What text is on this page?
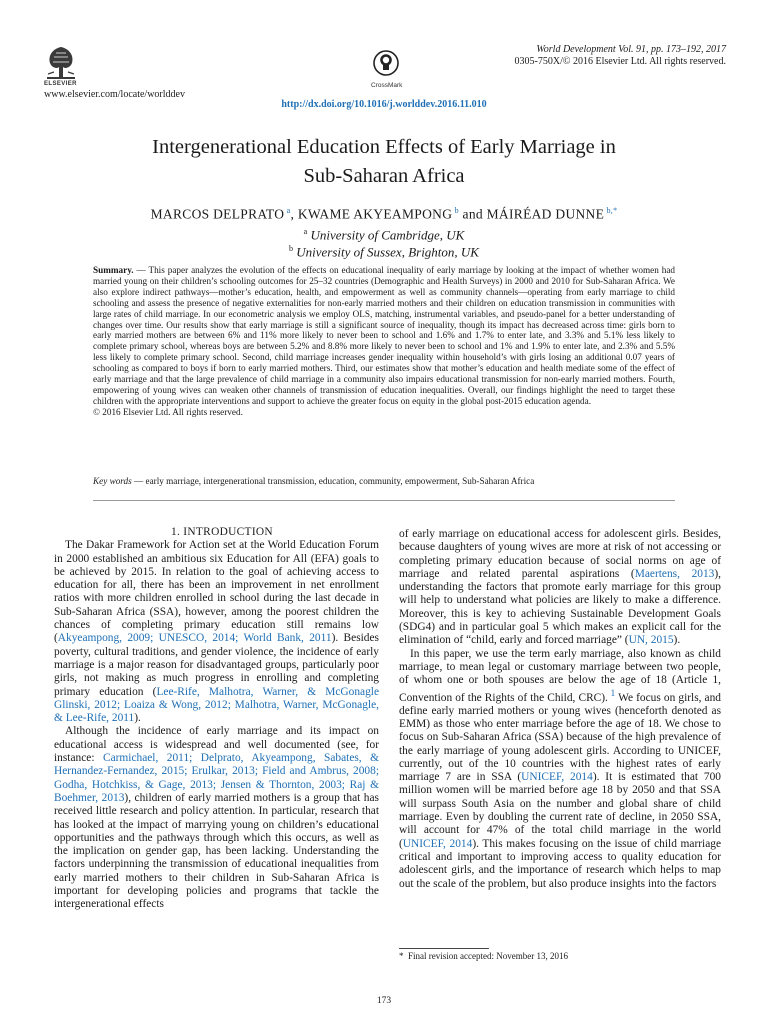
ELSEVIER
www.elsevier.com/locate/worlddev
CrossMark
World Development Vol. 91, pp. 173–192, 2017
0305-750X/© 2016 Elsevier Ltd. All rights reserved.
http://dx.doi.org/10.1016/j.worlddev.2016.11.010
Intergenerational Education Effects of Early Marriage in
Sub-Saharan Africa
MARCOS DELPRATO $^a$, KWAME AKYEAMPONG $^b$ and MÁIRÉAD DUNNE $^{b,*}$
$^a$ University of Cambridge, UK
$^b$ University of Sussex, Brighton, UK
Summary. — This paper analyzes the evolution of the effects on educational inequality of early marriage by looking at the impact of whether women had married young on their children’s schooling outcomes for 25–32 countries (Demographic and Health Surveys) in 2000 and 2010 for Sub-Saharan Africa. We also explore indirect pathways—mother’s education, health, and empowerment as well as community channels—operating from early marriage to child schooling and assess the presence of negative externalities for non-early married mothers and their children on education transmission in communities with large rates of child marriage. In our econometric analysis we employ OLS, matching, instrumental variables, and pseudo-panel for a better understanding of changes over time. Our results show that early marriage is still a significant source of inequality, though its impact has decreased across time: girls born to early married mothers are between 6% and 11% more likely to never been to school and 1.6% and 1.7% to enter late, and 3.3% and 5.1% less likely to complete primary school, whereas boys are between 5.2% and 8.8% more likely to never been to school and 1% and 1.9% to enter late, and 2.3% and 5.5% less likely to complete primary school. Second, child marriage increases gender inequality within household’s with girls losing an additional 0.07 years of schooling as compared to boys if born to early married mothers. Third, our estimates show that mother’s education and health mediate some of the effect of early marriage and that the large prevalence of child marriage in a community also impairs educational transmission for non-early married mothers. Fourth, empowering of young wives can weaken other channels of transmission of education inequalities. Overall, our findings highlight the need to target these children with the appropriate interventions and support to achieve the greater focus on equity in the global post-2015 education agenda.
© 2016 Elsevier Ltd. All rights reserved.
Key words — early marriage, intergenerational transmission, education, community, empowerment, Sub-Saharan Africa

1. INTRODUCTION

The Dakar Framework for Action set at the World Education Forum in 2000 established an ambitious six Education for All (EFA) goals to be achieved by 2015. In relation to the goal of achieving access to education for all, there has been an improvement in net enrollment ratios with more children enrolled in school during the last decade in Sub-Saharan Africa (SSA), however, among the poorest children the chances of completing primary education still remains low (Akyeampong, 2009; UNESCO, 2014; World Bank, 2011). Besides poverty, cultural traditions, and gender violence, the incidence of early marriage is a major reason for disadvantaged groups, particularly poor girls, not making as much progress in enrolling and completing primary education (Lee-Rife, Malhotra, Warner, & McGonagle Glinski, 2012; Loaiza & Wong, 2012; Malhotra, Warner, McGonagle, & Lee-Rife, 2011).

Although the incidence of early marriage and its impact on educational access is widespread and well documented (see, for instance: Carmichael, 2011; Delprato, Akyeampong, Sabates, & Hernandez-Fernandez, 2015; Erulkar, 2013; Field and Ambrus, 2008; Godha, Hotchkiss, & Gage, 2013; Jensen & Thornton, 2003; Raj & Boehmer, 2013), children of early married mothers is a group that has received little research and policy attention. In particular, research that has looked at the impact of marrying young on children’s educational opportunities and the pathways through which this occurs, as well as the implication on gender gap, has been lacking. Understanding the factors underpinning the transmission of educational inequalities from early married mothers to their children in Sub-Saharan Africa is important for developing policies and programs that tackle the intergenerational effects

of early marriage on educational access for adolescent girls. Besides, because daughters of young wives are more at risk of not accessing or completing primary education because of social norms on age of marriage and related parental aspirations (Maertens, 2013), understanding the factors that promote early marriage for this group will help to understand what policies are likely to make a difference. Moreover, this is key to achieving Sustainable Development Goals (SDG4) and in particular goal 5 which makes an explicit call for the elimination of “child, early and forced marriage” (UN, 2015).

In this paper, we use the term early marriage, also known as child marriage, to mean legal or customary marriage between two people, of whom one or both spouses are below the age of 18 (Article 1, Convention of the Rights of the Child, CRC). $^1$ We focus on girls, and define early married mothers or young wives (henceforth denoted as EMM) as those who enter marriage before the age of 18. We chose to focus on Sub-Saharan Africa (SSA) because of the high prevalence of the early marriage of young adolescent girls. According to UNICEF, currently, out of the 10 countries with the highest rates of early marriage 7 are in SSA (UNICEF, 2014). It is estimated that 700 million women will be married before age 18 by 2050 and that SSA will surpass South Asia on the number and global share of child marriage. Even by doubling the current rate of decline, in 2050 SSA, will account for 47% of the total child marriage in the world (UNICEF, 2014). This makes focusing on the issue of child marriage critical and important to improving access to quality education for adolescent girls, and the importance of research which helps to map out the scale of the problem, but also produce insights into the factors

* Final revision accepted: November 13, 2016
173
